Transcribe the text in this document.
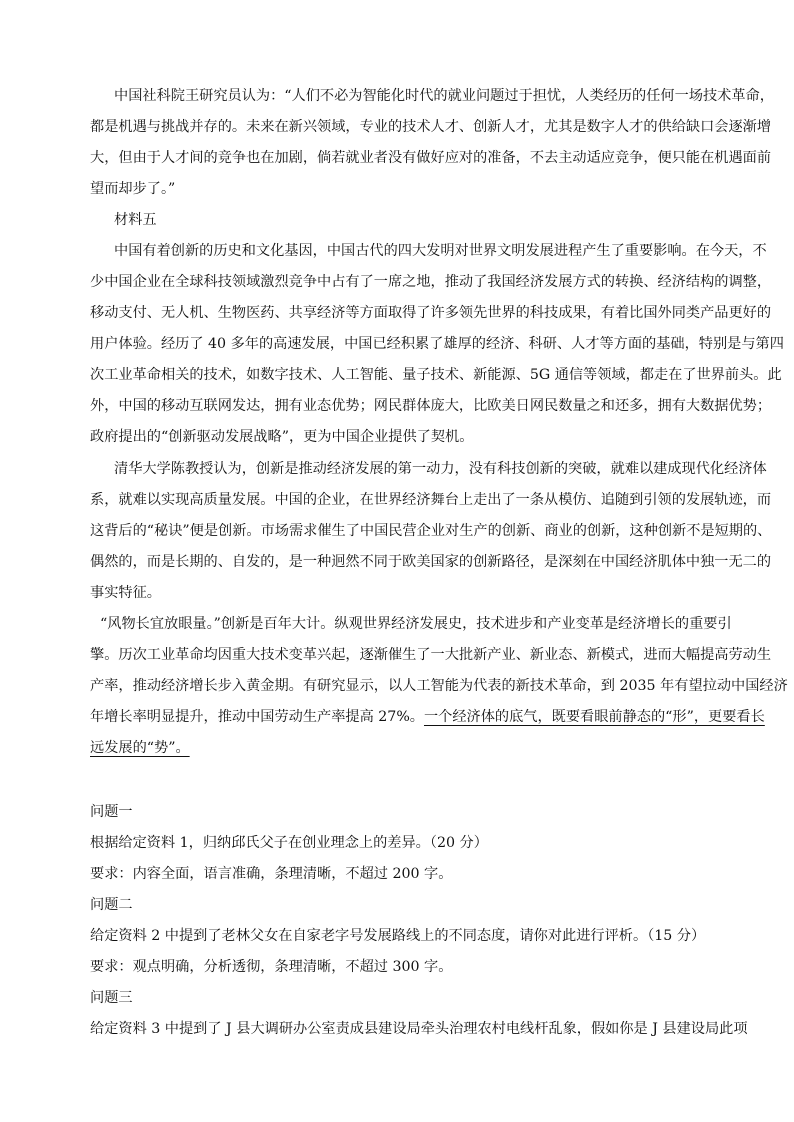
中国社科院王研究员认为：“人们不必为智能化时代的就业问题过于担忧，人类经历的任何一场技术革命，
都是机遇与挑战并存的。未来在新兴领域，专业的技术人才、创新人才，尤其是数字人才的供给缺口会逐渐增
大，但由于人才间的竞争也在加剧，倘若就业者没有做好应对的准备，不去主动适应竞争，便只能在机遇面前
望而却步了。”
材料五
中国有着创新的历史和文化基因，中国古代的四大发明对世界文明发展进程产生了重要影响。在今天，不
少中国企业在全球科技领域激烈竞争中占有了一席之地，推动了我国经济发展方式的转换、经济结构的调整，
移动支付、无人机、生物医药、共享经济等方面取得了许多领先世界的科技成果，有着比国外同类产品更好的
用户体验。经历了 40 多年的高速发展，中国已经积累了雄厚的经济、科研、人才等方面的基础，特别是与第四
次工业革命相关的技术，如数字技术、人工智能、量子技术、新能源、5G 通信等领域，都走在了世界前头。此
外，中国的移动互联网发达，拥有业态优势；网民群体庞大，比欧美日网民数量之和还多，拥有大数据优势；
政府提出的“创新驱动发展战略”，更为中国企业提供了契机。
清华大学陈教授认为，创新是推动经济发展的第一动力，没有科技创新的突破，就难以建成现代化经济体
系，就难以实现高质量发展。中国的企业，在世界经济舞台上走出了一条从模仿、追随到引领的发展轨迹，而
这背后的“秘诀”便是创新。市场需求催生了中国民营企业对生产的创新、商业的创新，这种创新不是短期的、
偶然的，而是长期的、自发的，是一种迥然不同于欧美国家的创新路径，是深刻在中国经济肌体中独一无二的
事实特征。
“风物长宜放眼量。”创新是百年大计。纵观世界经济发展史，技术进步和产业变革是经济增长的重要引
擎。历次工业革命均因重大技术变革兴起，逐渐催生了一大批新产业、新业态、新模式，进而大幅提高劳动生
产率，推动经济增长步入黄金期。有研究显示，以人工智能为代表的新技术革命，到 2035 年有望拉动中国经济
年增长率明显提升，推动中国劳动生产率提高 27%。一个经济体的底气，既要看眼前静态的“形”，更要看长
远发展的“势”。
问题一
根据给定资料 1，归纳邱氏父子在创业理念上的差异。（20 分）
要求：内容全面，语言准确，条理清晰，不超过 200 字。
问题二
给定资料 2 中提到了老林父女在自家老字号发展路线上的不同态度，请你对此进行评析。（15 分）
要求：观点明确，分析透彻，条理清晰，不超过 300 字。
问题三
给定资料 3 中提到了 J 县大调研办公室责成县建设局牵头治理农村电线杆乱象，假如你是 J 县建设局此项
